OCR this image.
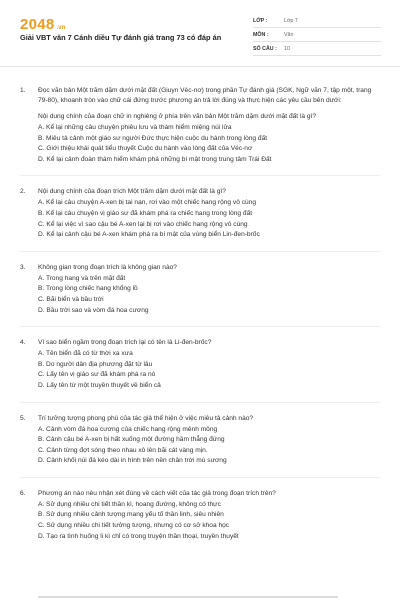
2048 .vn
Giải VBT văn 7 Cánh diều Tự đánh giá trang 73 có đáp án
LỚP :	Lớp 7
MÔN :	Văn
SỐ CÂU :	10
1. Đọc văn bản Một trăm dặm dưới mặt đất (Giuyn Véc-nơ) trong phần Tự đánh giá (SGK, Ngữ văn 7, tập một, trang 79-80), khoanh tròn vào chữ cái đứng trước phương án trả lời đúng và thực hiện các yêu cầu bên dưới:
Nội dung chính của đoạn chữ in nghiêng ở phía trên văn bản Một trăm dặm dưới mặt đất là gì?
A. Kể lại những câu chuyện phiêu lưu và thám hiểm miệng núi lửa
B. Miêu tả cảnh một giáo sư người Đức thực hiện cuộc du hành trong lòng đất
C. Giới thiệu khái quát tiểu thuyết Cuộc du hành vào lòng đất của Véc-nơ
D. Kể lại cảnh đoàn thám hiểm khám phá những bí mật trong trung tâm Trái Đất
2. Nội dung chính của đoạn trích Một trăm dặm dưới mặt đất là gì?
A. Kể lại câu chuyện A-xen bị tai nạn, rơi vào một chiếc hang rộng vô cùng
B. Kể lại câu chuyện vị giáo sư đã khám phá ra chiếc hang trong lòng đất
C. Kể lại việc vì sao cậu bé A-xen lại bị rơi vào chiếc hang rộng vô cùng
D. Kể lại cảnh cậu bé A-xen khám phá ra bí mật của vùng biển Lin-đen-brốc
3. Không gian trong đoạn trích là không gian nào?
A. Trong hang và trên mặt đất
B. Trong lòng chiếc hang khổng lồ
C. Bãi biển và bầu trời
D. Bầu trời sao và vòm đá hoa cương
4. Vì sao biển ngầm trong đoạn trích lại có tên là Li-đen-brốc?
A. Tên biển đã có từ thời xa xưa
B. Do người dân địa phương đặt từ lâu
C. Lấy tên vị giáo sư đã khám phá ra nó
D. Lấy tên từ một truyền thuyết về biển cả
5. Trí tưởng tượng phong phú của tác giả thể hiện ở việc miêu tả cảnh nào?
A. Cảnh vòm đá hoa cương của chiếc hang rộng mênh mông
B. Cảnh cậu bé A-xen bị hất xuống một đường hầm thẳng đứng
C. Cảnh từng đợt sóng theo nhau xô lên bãi cát vàng mịn.
D. Cảnh khối núi đá kéo dài in hình trên nền chân trời mù sương
6. Phương án nào nêu nhận xét đúng về cách viết của tác giả trong đoạn trích trên?
A. Sử dụng nhiều chi tiết thần kì, hoang đường, không có thực
B. Sử dụng nhiều cảnh tượng mang yếu tố thần linh, siêu nhiên
C. Sử dụng nhiều chi tiết tưởng tượng, nhưng có cơ sở khoa học
D. Tạo ra tình huống li kì chỉ có trong truyện thần thoại, truyền thuyết
